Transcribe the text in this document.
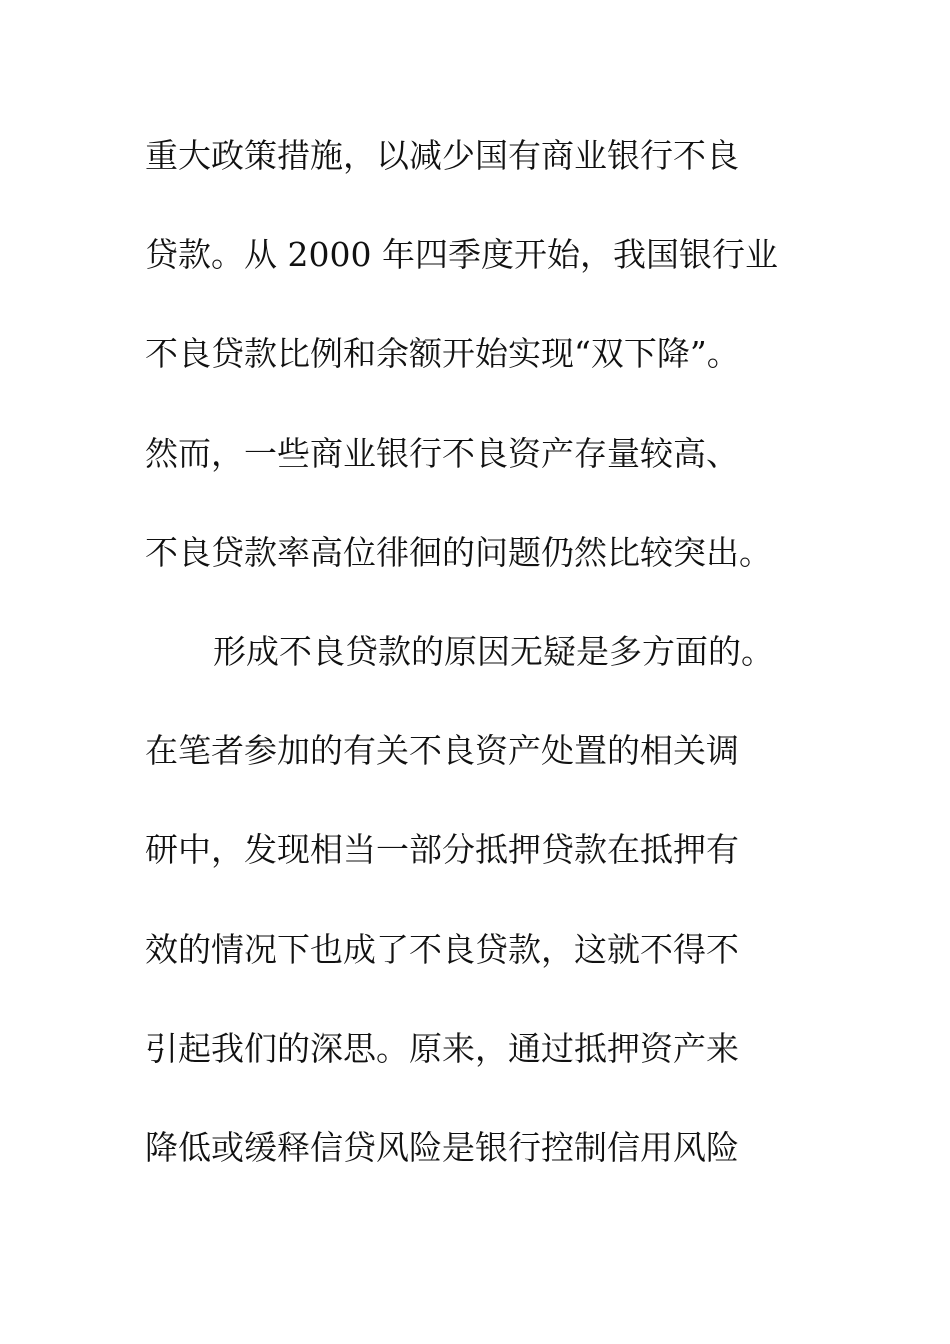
重大政策措施，以减少国有商业银行不良
贷款。从 2000 年四季度开始，我国银行业
不良贷款比例和余额开始实现“双下降”。
然而，一些商业银行不良资产存量较高、
不良贷款率高位徘徊的问题仍然比较突出。
形成不良贷款的原因无疑是多方面的。
在笔者参加的有关不良资产处置的相关调
研中，发现相当一部分抵押贷款在抵押有
效的情况下也成了不良贷款，这就不得不
引起我们的深思。原来，通过抵押资产来
降低或缓释信贷风险是银行控制信用风险
